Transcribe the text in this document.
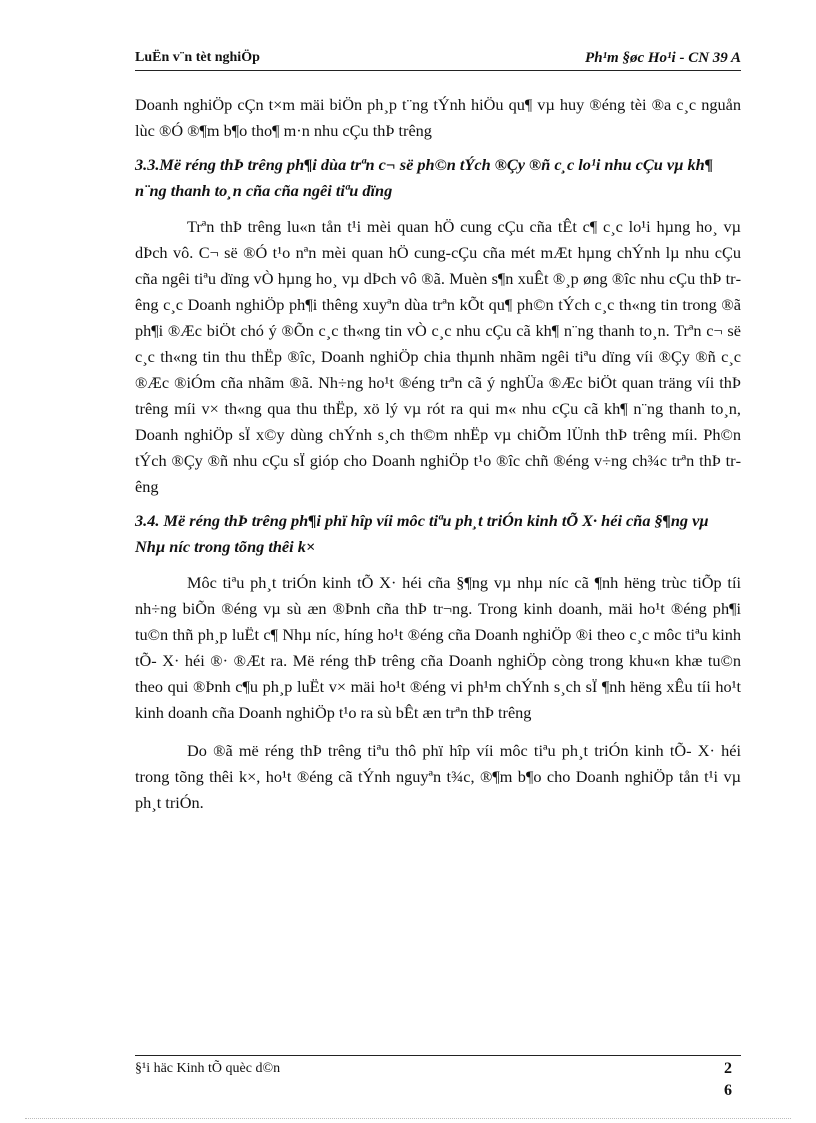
LuËn v¨n tèt nghiÖp	Ph¹m §øc Ho¹i - CN 39 A

Doanh nghiÖp cÇn t×m mäi biÖn ph¸p t¨ng tÝnh hiÖu qu¶ vµ huy ®éng tèi ®a c¸c nguån lùc ®Ó ®¶m b¶o tho¶ m·n nhu cÇu thÞ trêng

3.3.Më réng thÞ trêng ph¶i dùa trªn c¬ së ph©n tÝch ®Çy ®ñ c¸c lo¹i nhu cÇu vµ kh¶ n¨ng thanh to¸n cña cña ngêi tiªu dïng

Trªn thÞ trêng lu«n tån t¹i mèi quan hÖ cung cÇu cña tÊt c¶ c¸c lo¹i hµng ho¸ vµ dÞch vô. C¬ së ®Ó t¹o nªn mèi quan hÖ cung-cÇu cña mét mÆt hµng chÝnh lµ nhu cÇu cña ngêi tiªu dïng vÒ hµng ho¸ vµ dÞch vô ®ã. Muèn s¶n xuÊt ®¸p øng ®îc nhu cÇu thÞ trêng c¸c Doanh nghiÖp ph¶i thêng xuyªn dùa trªn kÕt qu¶ ph©n tÝch c¸c th«ng tin trong ®ã ph¶i ®Æc biÖt chó ý ®Õn c¸c th«ng tin vÒ c¸c nhu cÇu cã kh¶ n¨ng thanh to¸n. Trªn c¬ së c¸c th«ng tin thu thËp ®îc, Doanh nghiÖp chia thµnh nhãm ngêi tiªu dïng víi ®Çy ®ñ c¸c ®Æc ®iÓm cña nhãm ®ã. Nh÷ng ho¹t ®éng trªn cã ý nghÜa ®Æc biÖt quan träng víi thÞ trêng míi v× th«ng qua thu thËp, xö lý vµ rót ra qui m« nhu cÇu cã kh¶ n¨ng thanh to¸n, Doanh nghiÖp sÏ x©y dùng chÝnh s¸ch th©m nhËp vµ chiÕm lÜnh thÞ trêng míi. Ph©n tÝch ®Çy ®ñ nhu cÇu sÏ gióp cho Doanh nghiÖp t¹o ®îc chñ ®éng v÷ng ch¾c trªn thÞ trêng

3.4. Më réng thÞ trêng ph¶i phï hîp víi môc tiªu ph¸t triÓn kinh tÕ X· héi cña §¶ng vµ Nhµ níc trong tõng thêi k×

Môc tiªu ph¸t triÓn kinh tÕ X· héi cña §¶ng vµ nhµ níc cã ¶nh hëng trùc tiÕp tíi nh÷ng biÕn ®éng vµ sù æn ®Þnh cña thÞ tr¬ng. Trong kinh doanh, mäi ho¹t ®éng ph¶i tu©n thñ ph¸p luËt c¶ Nhµ níc, híng ho¹t ®éng cña Doanh nghiÖp ®i theo c¸c môc tiªu kinh tÕ- X· héi ®· ®Æt ra. Më réng thÞ trêng cña Doanh nghiÖp còng trong khu«n khæ tu©n theo qui ®Þnh c¶u ph¸p luËt v× mäi ho¹t ®éng vi ph¹m chÝnh s¸ch sÏ ¶nh hëng xÊu tíi ho¹t kinh doanh cña Doanh nghiÖp t¹o ra sù bÊt æn trªn thÞ trêng

Do ®ã më réng thÞ trêng tiªu thô phï hîp víi môc tiªu ph¸t triÓn kinh tÕ- X· héi trong tõng thêi k×, ho¹t ®éng cã tÝnh nguyªn t¾c, ®¶m b¶o cho Doanh nghiÖp tån t¹i vµ ph¸t triÓn.

§¹i häc Kinh tÕ quèc d©n	2
6
